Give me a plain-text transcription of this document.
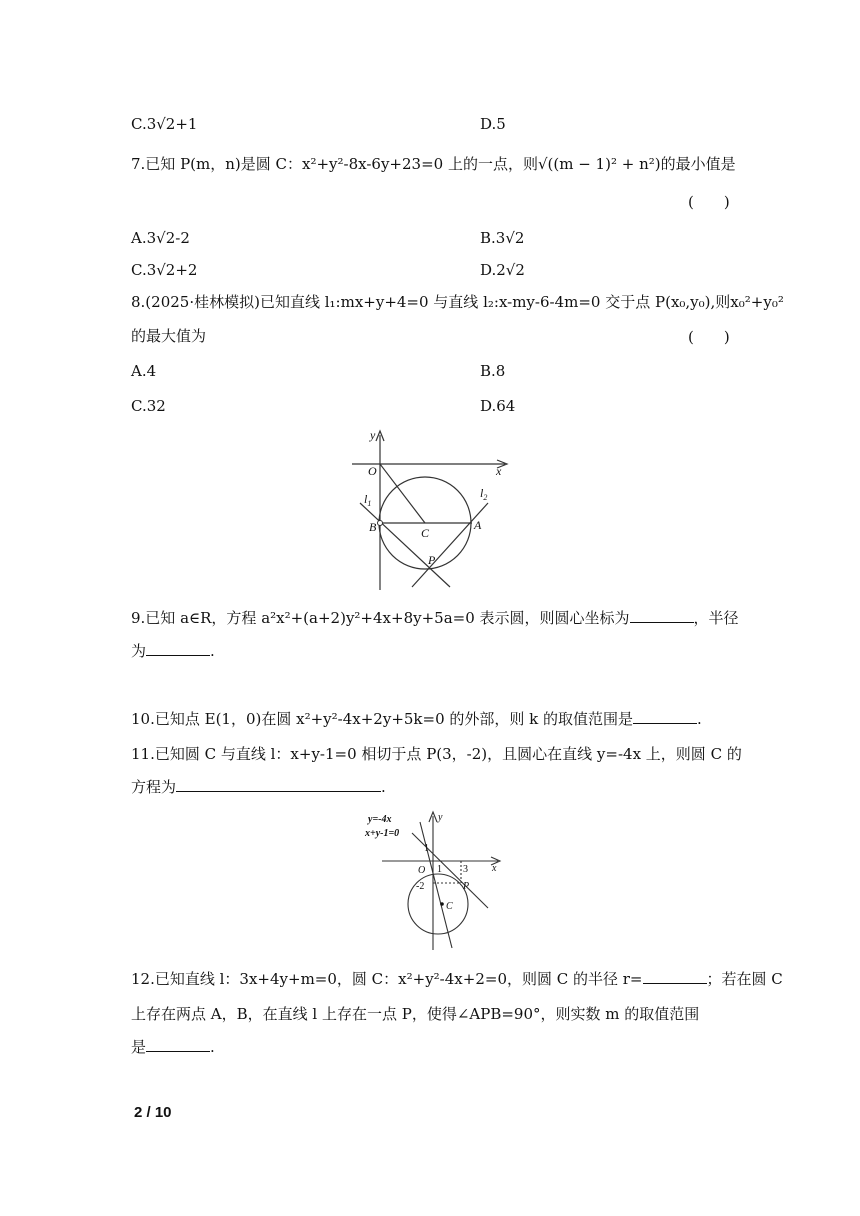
C.3√2+1	D.5
7.已知 P(m，n)是圆 C：x²+y²-8x-6y+23=0 上的一点，则√((m − 1)² + n²)的最小值是
(　　)
A.3√2-2	B.3√2
C.3√2+2	D.2√2
8.(2025·桂林模拟)已知直线 l₁:mx+y+4=0 与直线 l₂:x-my-6-4m=0 交于点 P(x₀,y₀),则x₀²+y₀²
的最大值为	(　　)
A.4	B.8
C.32	D.64
y
x
O
$l_1$
$l_2$
B	C
A
P
9.已知 a∈R，方程 a²x²+(a+2)y²+4x+8y+5a=0 表示圆，则圆心坐标为	，半径
为	.
10.已知点 E(1，0)在圆 x²+y²-4x+2y+5k=0 的外部，则 k 的取值范围是	.
11.已知圆 C 与直线 l：x+y-1=0 相切于点 P(3，-2)，且圆心在直线 y=-4x 上，则圆 C 的
方程为	.
y=-4x
x+y-1=0
y
x
1
O 1 3
-2	P
C
12.已知直线 l：3x+4y+m=0，圆 C：x²+y²-4x+2=0，则圆 C 的半径 r=	；若在圆 C
上存在两点 A，B，在直线 l 上存在一点 P，使得∠APB=90°，则实数 m 的取值范围
是	.
2 / 10
